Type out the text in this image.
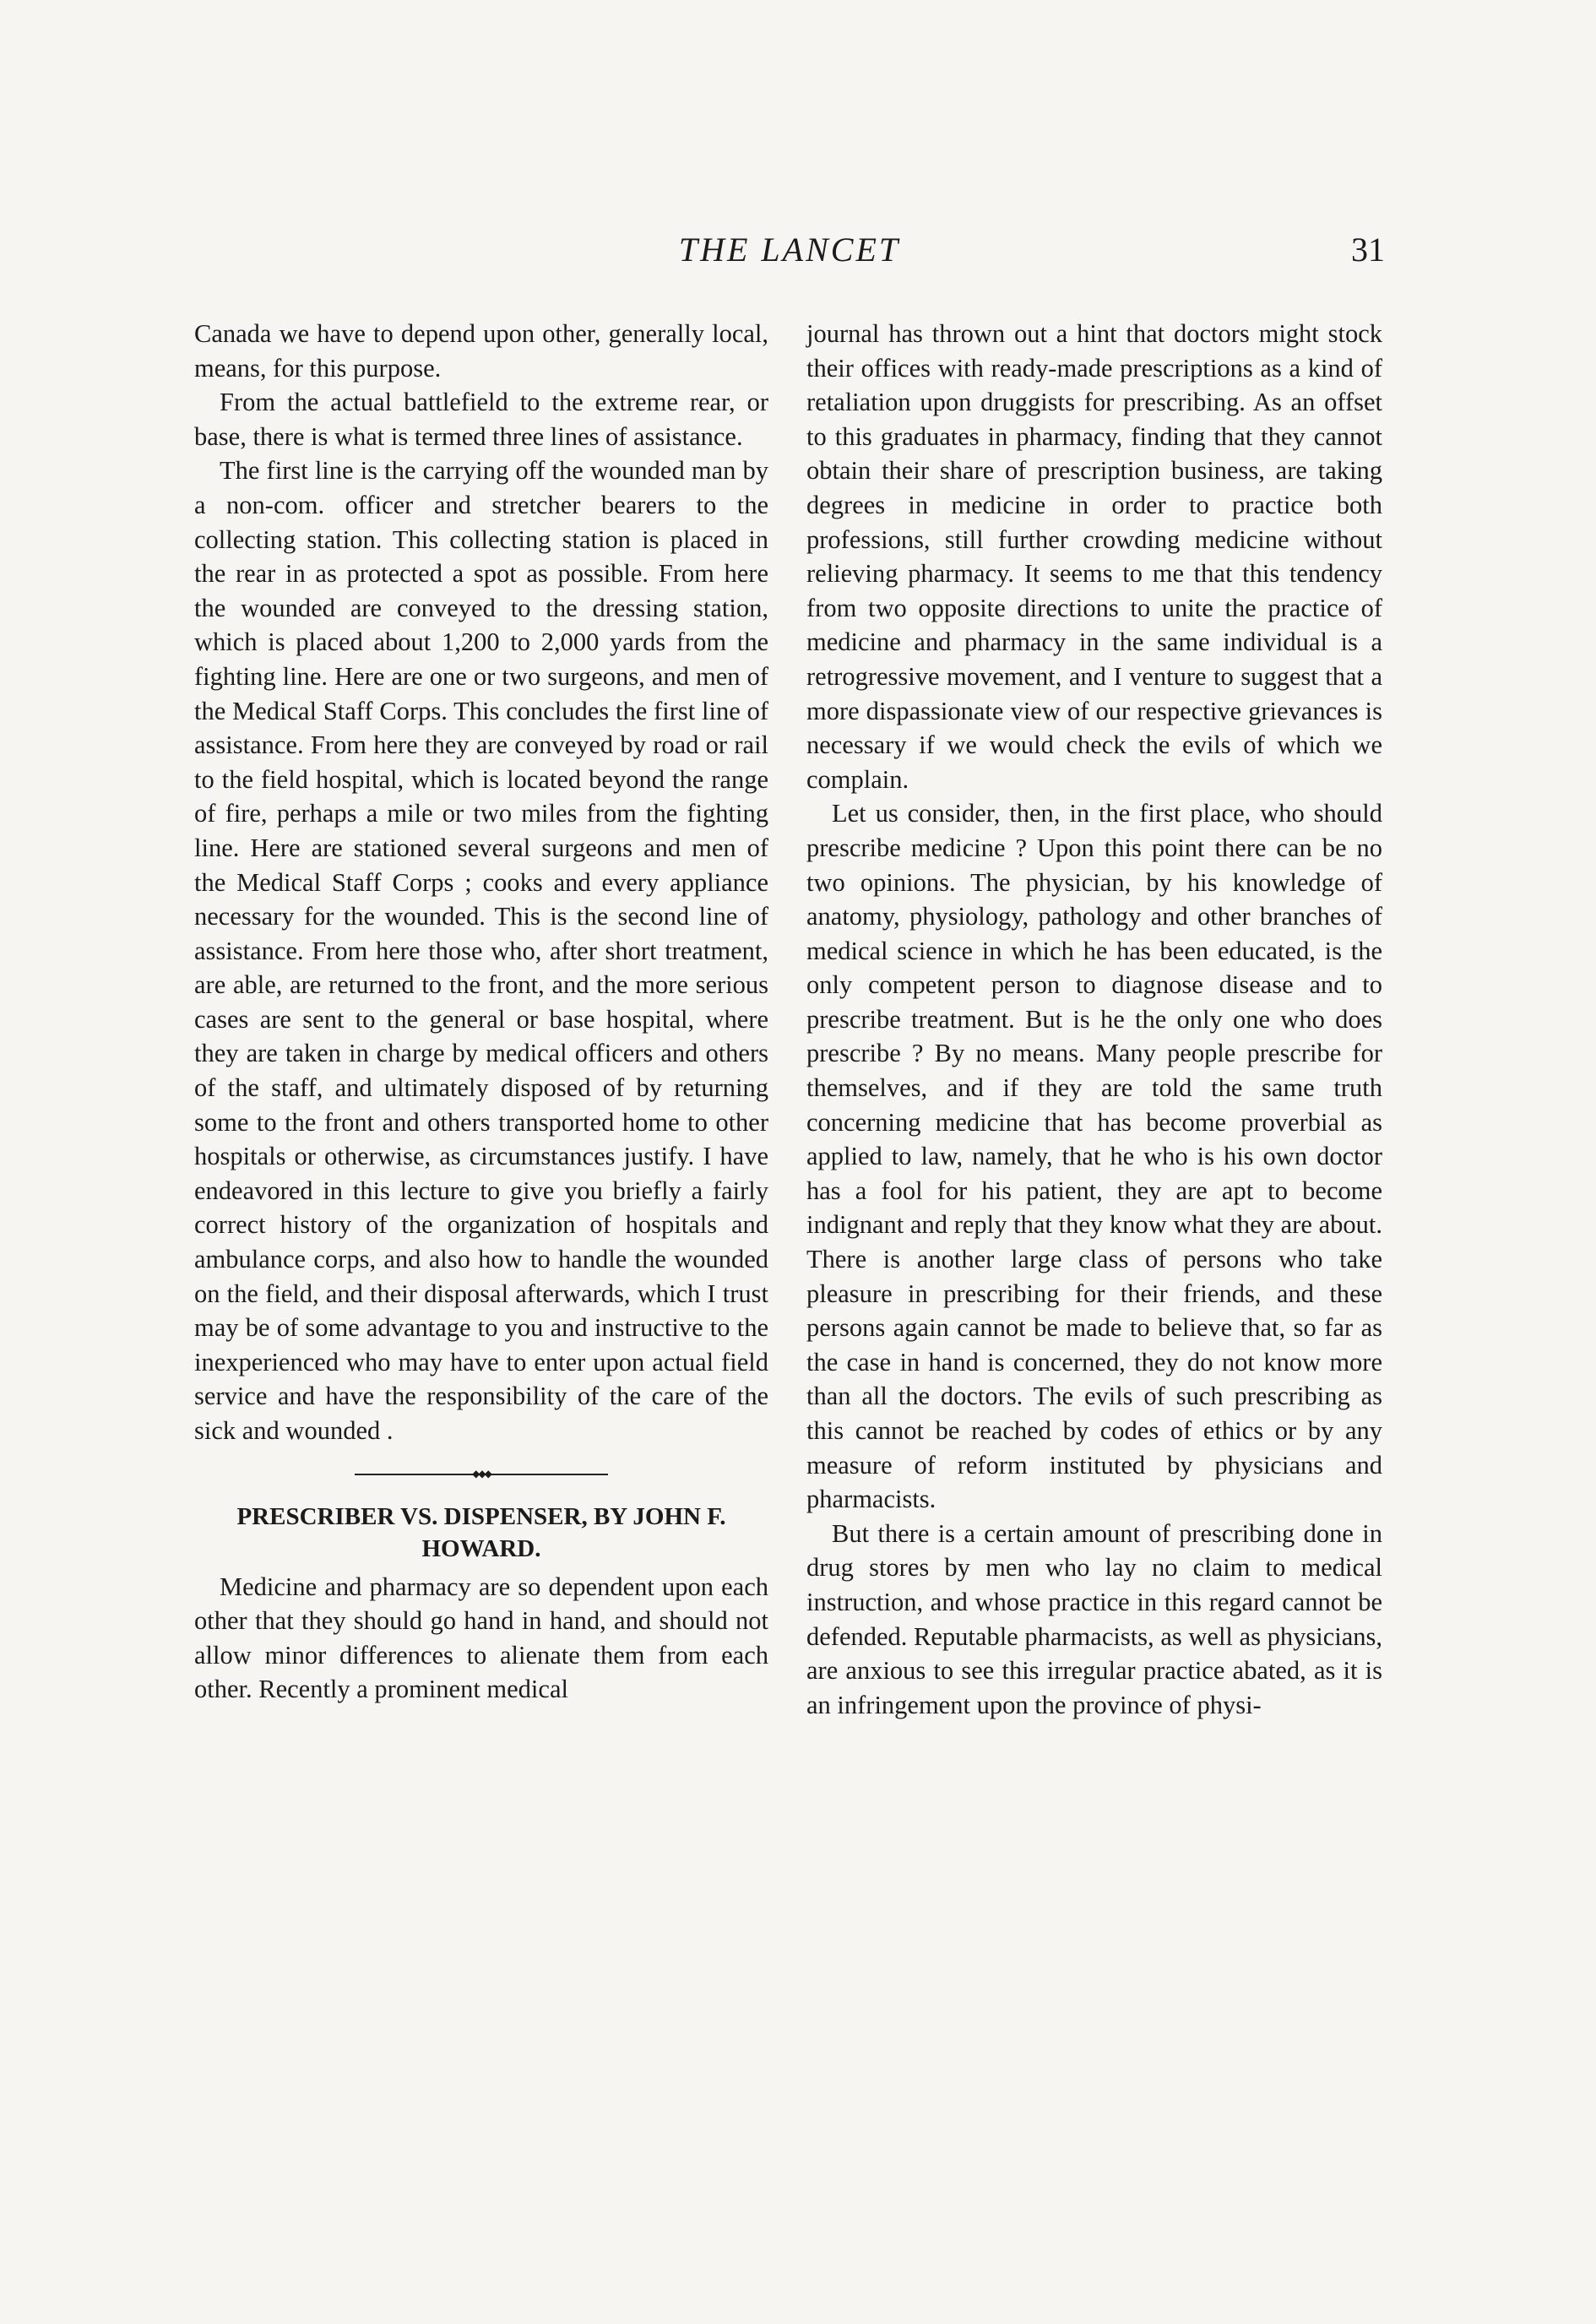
THE LANCET	31

Canada we have to depend upon other, generally local, means, for this purpose.

From the actual battlefield to the extreme rear, or base, there is what is termed three lines of assistance.

The first line is the carrying off the wounded man by a non-com. officer and stretcher bearers to the collecting station. This collecting station is placed in the rear in as protected a spot as possible. From here the wounded are conveyed to the dressing station, which is placed about 1,200 to 2,000 yards from the fighting line. Here are one or two surgeons, and men of the Medical Staff Corps. This concludes the first line of assistance. From here they are conveyed by road or rail to the field hospital, which is located beyond the range of fire, perhaps a mile or two miles from the fighting line. Here are stationed several surgeons and men of the Medical Staff Corps ; cooks and every appliance necessary for the wounded. This is the second line of assistance. From here those who, after short treatment, are able, are returned to the front, and the more serious cases are sent to the general or base hospital, where they are taken in charge by medical officers and others of the staff, and ultimately disposed of by returning some to the front and others transported home to other hospitals or otherwise, as circumstances justify. I have endeavored in this lecture to give you briefly a fairly correct history of the organization of hospitals and ambulance corps, and also how to handle the wounded on the field, and their disposal afterwards, which I trust may be of some advantage to you and instructive to the inexperienced who may have to enter upon actual field service and have the responsibility of the care of the sick and wounded .

◆◆◆
PRESCRIBER VS. DISPENSER, BY JOHN F. HOWARD.

Medicine and pharmacy are so dependent upon each other that they should go hand in hand, and should not allow minor differences to alienate them from each other. Recently a prominent medical

journal has thrown out a hint that doctors might stock their offices with ready-made prescriptions as a kind of retaliation upon druggists for prescribing. As an offset to this graduates in pharmacy, finding that they cannot obtain their share of prescription business, are taking degrees in medicine in order to practice both professions, still further crowding medicine without relieving pharmacy. It seems to me that this tendency from two opposite directions to unite the practice of medicine and pharmacy in the same individual is a retrogressive movement, and I venture to suggest that a more dispassionate view of our respective grievances is necessary if we would check the evils of which we complain.

Let us consider, then, in the first place, who should prescribe medicine ? Upon this point there can be no two opinions. The physician, by his knowledge of anatomy, physiology, pathology and other branches of medical science in which he has been educated, is the only competent person to diagnose disease and to prescribe treatment. But is he the only one who does prescribe ? By no means. Many people prescribe for themselves, and if they are told the same truth concerning medicine that has become proverbial as applied to law, namely, that he who is his own doctor has a fool for his patient, they are apt to become indignant and reply that they know what they are about. There is another large class of persons who take pleasure in prescribing for their friends, and these persons again cannot be made to believe that, so far as the case in hand is concerned, they do not know more than all the doctors. The evils of such prescribing as this cannot be reached by codes of ethics or by any measure of reform instituted by physicians and pharmacists.

But there is a certain amount of prescribing done in drug stores by men who lay no claim to medical instruction, and whose practice in this regard cannot be defended. Reputable pharmacists, as well as physicians, are anxious to see this irregular practice abated, as it is an infringement upon the province of physi-
